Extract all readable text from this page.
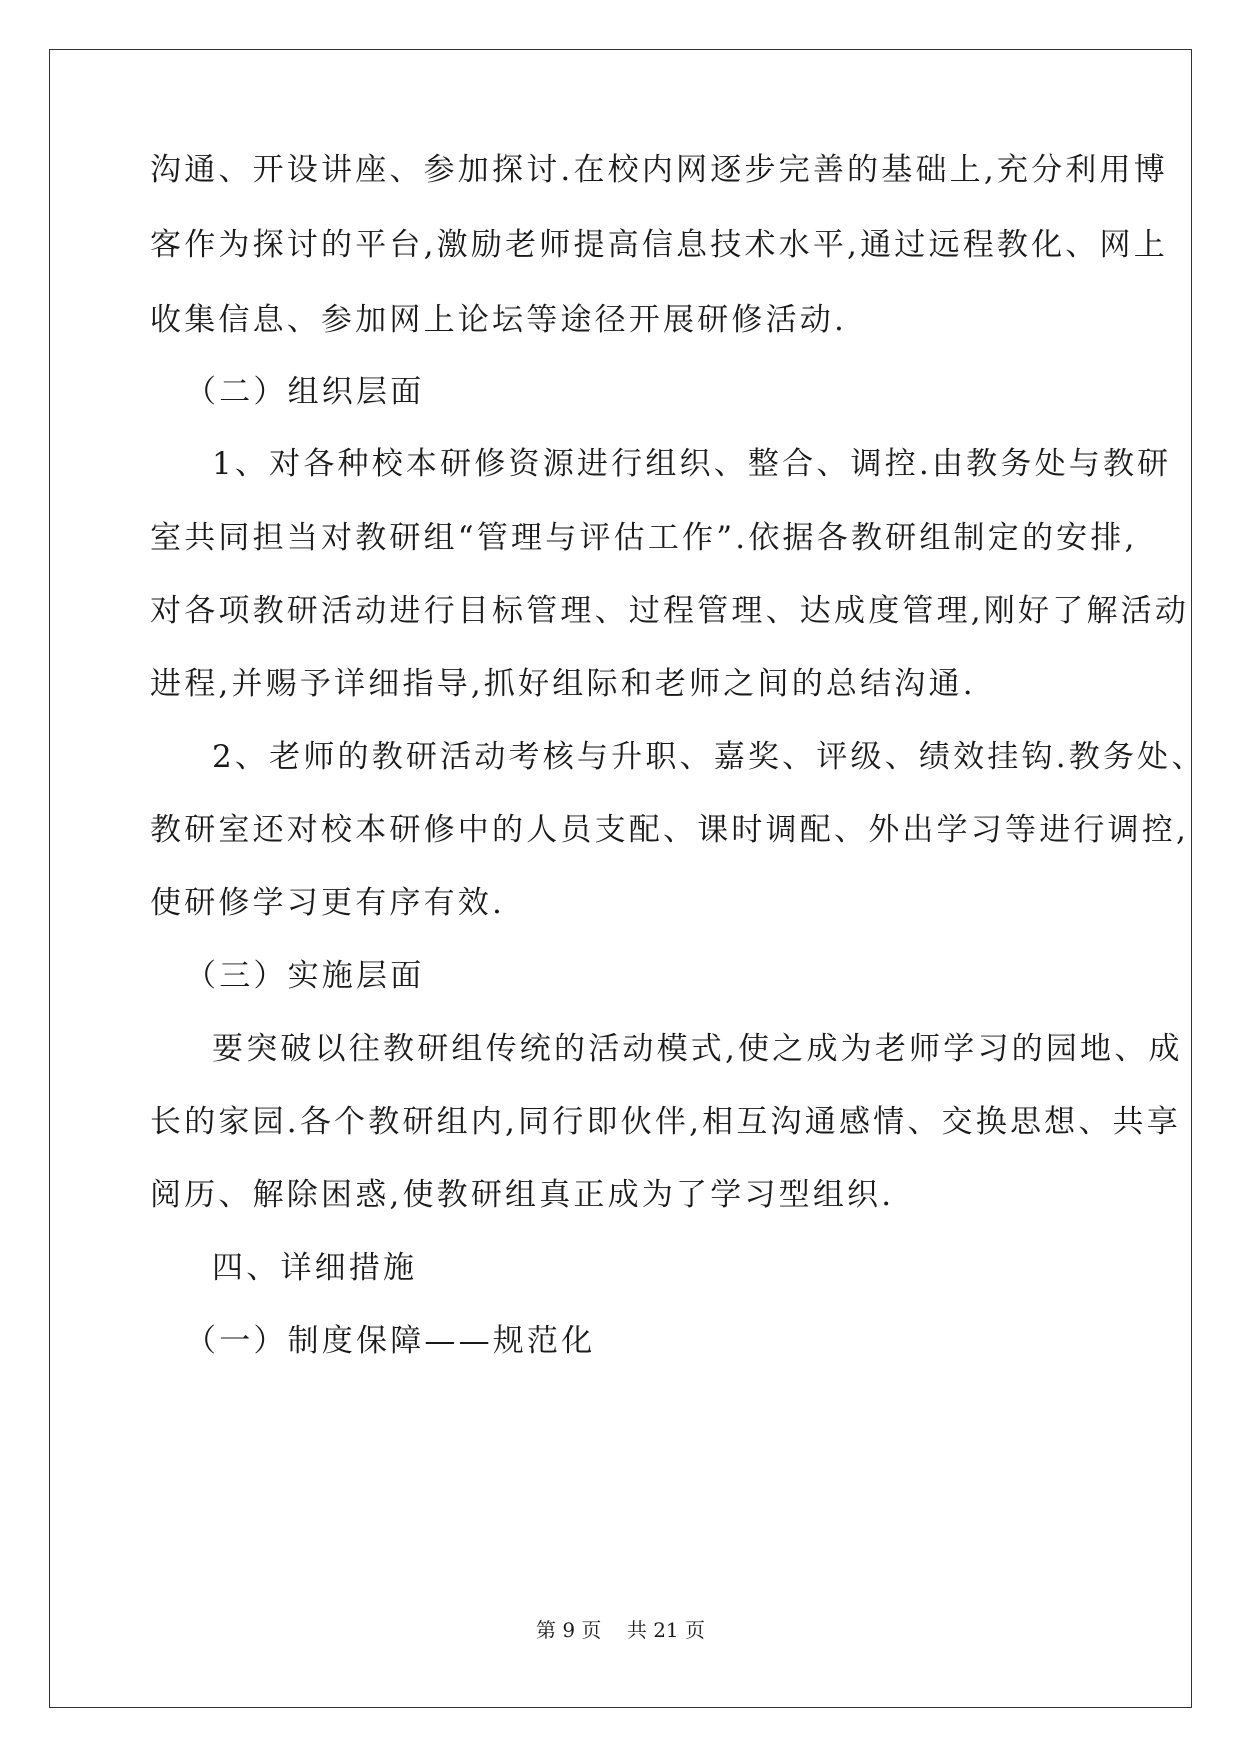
沟通、开设讲座、参加探讨.在校内网逐步完善的基础上,充分利用博
客作为探讨的平台,激励老师提高信息技术水平,通过远程教化、网上
收集信息、参加网上论坛等途径开展研修活动.
（二）组织层面
1、对各种校本研修资源进行组织、整合、调控.由教务处与教研
室共同担当对教研组“管理与评估工作”.依据各教研组制定的安排,
对各项教研活动进行目标管理、过程管理、达成度管理,刚好了解活动
进程,并赐予详细指导,抓好组际和老师之间的总结沟通.
2、老师的教研活动考核与升职、嘉奖、评级、绩效挂钩.教务处、
教研室还对校本研修中的人员支配、课时调配、外出学习等进行调控,
使研修学习更有序有效.
（三）实施层面
要突破以往教研组传统的活动模式,使之成为老师学习的园地、成
长的家园.各个教研组内,同行即伙伴,相互沟通感情、交换思想、共享
阅历、解除困惑,使教研组真正成为了学习型组织.
四、详细措施
（一）制度保障——规范化
第 9 页    共 21 页
